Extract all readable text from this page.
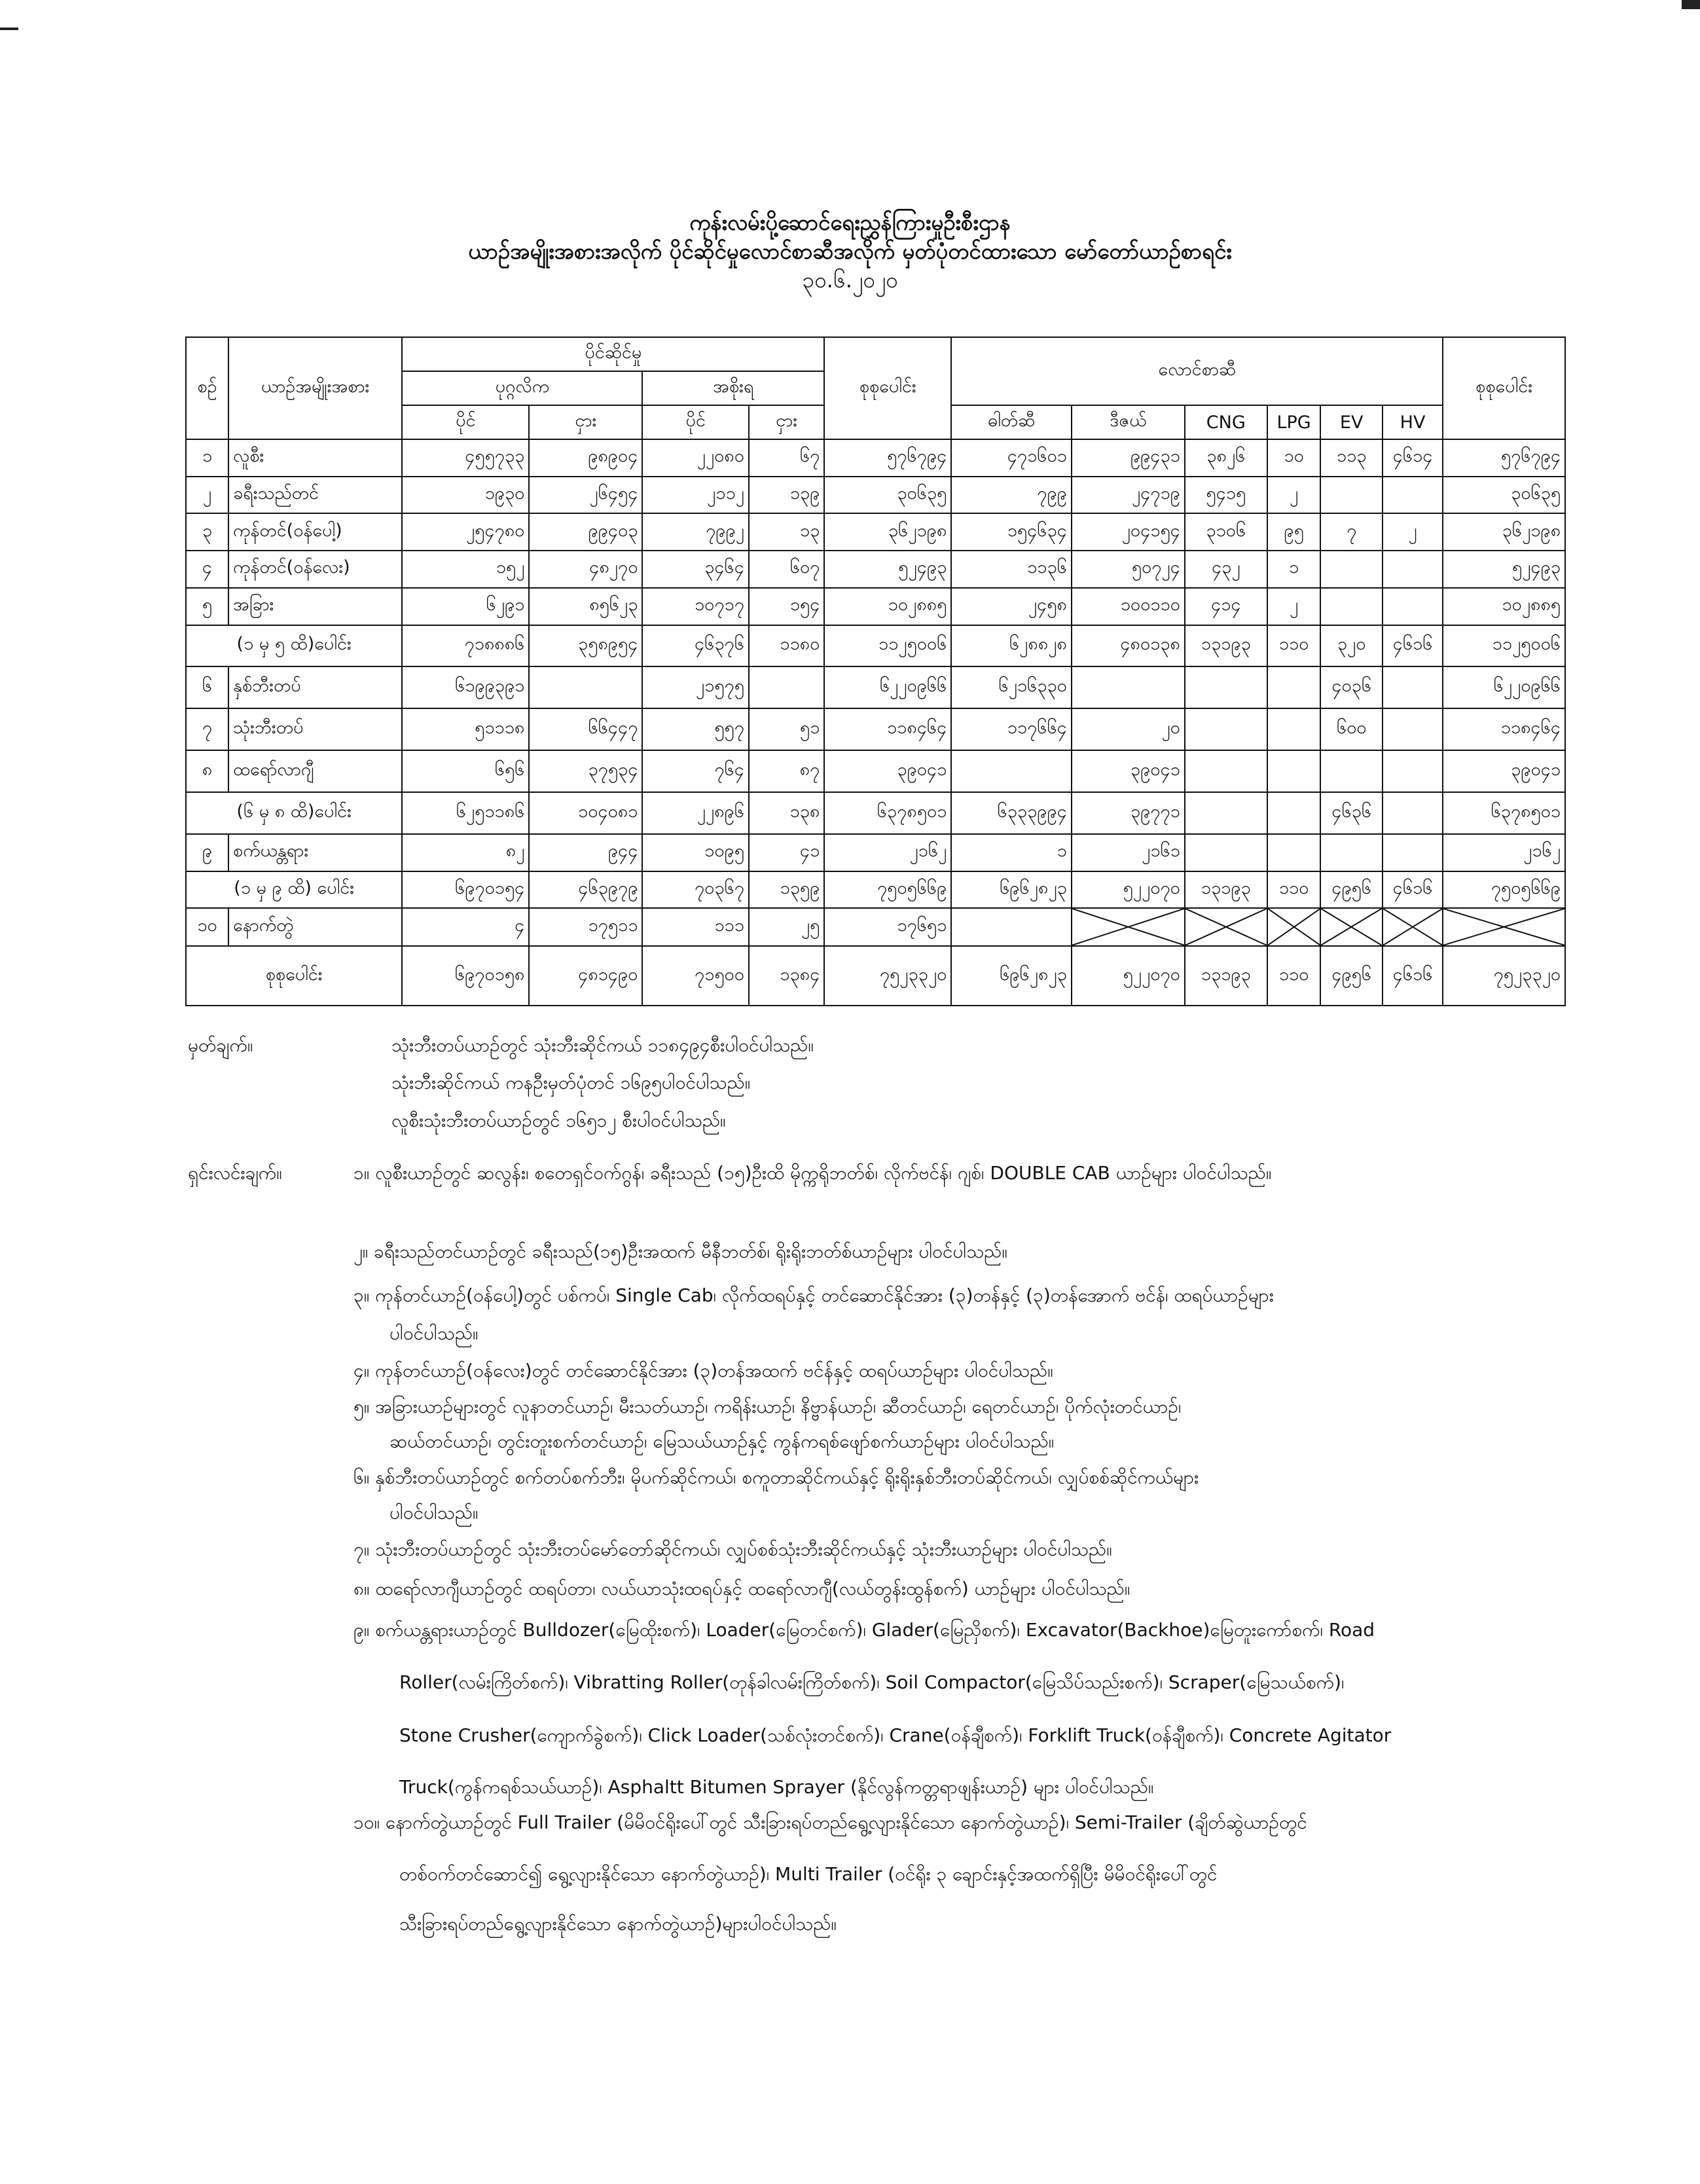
ကုန်းလမ်းပို့ဆောင်ရေးညွှန်ကြားမှုဦးစီးဌာန
ယာဉ်အမျိုးအစားအလိုက် ပိုင်ဆိုင်မှုလောင်စာဆီအလိုက် မှတ်ပုံတင်ထားသော မော်တော်ယာဉ်စာရင်း
၃၀.၆.၂၀၂၀
စဉ်	ယာဉ်အမျိုးအစား	ပိုင်ဆိုင်မှု				စုစုပေါင်း	လောင်စာဆီ						စုစုပေါင်း
		ပုဂ္ဂလိက		အစိုးရ									
		ပိုင်	ငှား	ပိုင်	ငှား		ဓါတ်ဆီ	ဒီဇယ်	CNG	LPG	EV	HV	
၁	လူစီး	၄၅၅၇၃၃	၉၈၉၀၄	၂၂၀၈၀	၆၇	၅၇၆၇၉၄	၄၇၁၆၀၁	၉၉၄၃၁	၃၈၂၆	၁၀	၁၁၃	၄၆၁၄	၅၇၆၇၉၄
၂	ခရီးသည်တင်	၁၉၃၀	၂၆၄၅၄	၂၁၁၂	၁၃၉	၃၀၆၃၅	၇၉၉	၂၄၇၁၉	၅၄၁၅	၂			၃၀၆၃၅
၃	ကုန်တင်(ဝန်ပေါ့)	၂၅၄၇၈၀	၉၉၄၀၃	၇၉၉၂	၁၃	၃၆၂၁၉၈	၁၅၄၆၃၄	၂၀၄၁၅၄	၃၁၀၆	၉၅	၇	၂	၃၆၂၁၉၈
၄	ကုန်တင်(ဝန်လေး)	၁၅၂	၄၈၂၇၀	၃၄၆၄	၆၀၇	၅၂၄၉၃	၁၁၃၆	၅၀၇၂၄	၄၃၂	၁			၅၂၄၉၃
၅	အခြား	၆၂၉၁	၈၅၆၂၃	၁၀၇၁၇	၁၅၄	၁၀၂၈၈၅	၂၄၅၈	၁၀၀၁၁၀	၄၁၄	၂			၁၀၂၈၈၅
(၁ မှ ၅ ထိ)ပေါင်း		၇၁၈၈၈၆	၃၅၈၉၅၄	၄၆၃၇၆	၁၁၈၀	၁၁၂၅၀၀၆	၆၂၈၈၂၈	၄၈၀၁၃၈	၁၃၁၉၃	၁၁၀	၃၂၀	၄၆၁၆	၁၁၂၅၀၀၆
၆	နှစ်ဘီးတပ်	၆၁၉၉၃၉၁		၂၁၅၇၅		၆၂၂၀၉၆၆	၆၂၁၆၃၃၀				၄၀၃၆		၆၂၂၀၉၆၆
၇	သုံးဘီးတပ်	၅၁၁၁၈	၆၆၄၄၇	၅၅၇	၅၁	၁၁၈၄၆၄	၁၁၇၆၆၄	၂၀			၆၀၀		၁၁၈၄၆၄
၈	ထရော်လာဂျီ	၆၅၆	၃၇၅၃၄	၇၆၄	၈၇	၃၉၀၄၁		၃၉၀၄၁					၃၉၀၄၁
(၆ မှ ၈ ထိ)ပေါင်း		၆၂၅၁၁၈၆	၁၀၄၀၈၁	၂၂၈၉၆	၁၃၈	၆၃၇၈၅၀၁	၆၃၃၃၉၉၄	၃၉၇၇၁			၄၆၃၆		၆၃၇၈၅၀၁
၉	စက်ယန္တရား	၈၂	၉၄၄	၁၀၉၅	၄၁	၂၁၆၂	၁	၂၁၆၁					၂၁၆၂
(၁ မှ ၉ ထိ) ပေါင်း		၆၉၇၀၁၅၄	၄၆၃၉၇၉	၇၀၃၆၇	၁၃၅၉	၇၅၀၅၆၆၉	၆၉၆၂၈၂၃	၅၂၂၀၇၀	၁၃၁၉၃	၁၁၀	၄၉၅၆	၄၆၁၆	၇၅၀၅၆၆၉
၁၀	နောက်တွဲ	၄	၁၇၅၁၁	၁၁၁	၂၅	၁၇၆၅၁		

စုစုပေါင်း		၆၉၇၀၁၅၈	၄၈၁၄၉၀	၇၁၅၀၀	၁၃၈၄	၇၅၂၃၃၂၀	၆၉၆၂၈၂၃	၅၂၂၀၇၀	၁၃၁၉၃	၁၁၀	၄၉၅၆	၄၆၁၆	၇၅၂၃၃၂၀
မှတ်ချက်။	သုံးဘီးတပ်ယာဉ်တွင် သုံးဘီးဆိုင်ကယ် ၁၁၈၄၉၄စီးပါဝင်ပါသည်။
သုံးဘီးဆိုင်ကယ် ကနဦးမှတ်ပုံတင် ၁၆၉၅ပါဝင်ပါသည်။
လူစီးသုံးဘီးတပ်ယာဉ်တွင် ၁၆၅၁၂ စီးပါဝင်ပါသည်။
ရှင်းလင်းချက်။	၁။ လူစီးယာဉ်တွင် ဆလွန်း၊ စတေရှင်ဝက်ဂွန်၊ ခရီးသည် (၁၅)ဦးထိ မိုက္ကရိုဘတ်စ်၊ လိုက်ဗင်န်၊ ဂျစ်၊ DOUBLE CAB ယာဉ်များ ပါဝင်ပါသည်။
၂။ ခရီးသည်တင်ယာဉ်တွင် ခရီးသည်(၁၅)ဦးအထက် မီနီဘတ်စ်၊ ရိုးရိုးဘတ်စ်ယာဉ်များ ပါဝင်ပါသည်။
၃။ ကုန်တင်ယာဉ်(ဝန်ပေါ့)တွင် ပစ်ကပ်၊ Single Cab၊ လိုက်ထရပ်နှင့် တင်ဆောင်နိုင်အား (၃)တန်နှင့် (၃)တန်အောက် ဗင်န်၊ ထရပ်ယာဉ်များ
ပါဝင်ပါသည်။
၄။ ကုန်တင်ယာဉ်(ဝန်လေး)တွင် တင်ဆောင်နိုင်အား (၃)တန်အထက် ဗင်န်နှင့် ထရပ်ယာဉ်များ ပါဝင်ပါသည်။
၅။ အခြားယာဉ်များတွင် လူနာတင်ယာဉ်၊ မီးသတ်ယာဉ်၊ ကရိန်းယာဉ်၊ နိဗ္ဗာန်ယာဉ်၊ ဆီတင်ယာဉ်၊ ရေတင်ယာဉ်၊ ပိုက်လုံးတင်ယာဉ်၊
ဆယ်တင်ယာဉ်၊ တွင်းတူးစက်တင်ယာဉ်၊ မြေသယ်ယာဉ်နှင့် ကွန်ကရစ်ဖျော်စက်ယာဉ်များ ပါဝင်ပါသည်။
၆။ နှစ်ဘီးတပ်ယာဉ်တွင် စက်တပ်စက်ဘီး၊ မိုပက်ဆိုင်ကယ်၊ စကူတာဆိုင်ကယ်နှင့် ရိုးရိုးနှစ်ဘီးတပ်ဆိုင်ကယ်၊ လျှပ်စစ်ဆိုင်ကယ်များ
ပါဝင်ပါသည်။
၇။ သုံးဘီးတပ်ယာဉ်တွင် သုံးဘီးတပ်မော်တော်ဆိုင်ကယ်၊ လျှပ်စစ်သုံးဘီးဆိုင်ကယ်နှင့် သုံးဘီးယာဉ်များ ပါဝင်ပါသည်။
၈။ ထရော်လာဂျီယာဉ်တွင် ထရပ်တာ၊ လယ်ယာသုံးထရပ်နှင့် ထရော်လာဂျီ(လယ်တွန်းထွန်စက်) ယာဉ်များ ပါဝင်ပါသည်။
၉။ စက်ယန္တရားယာဉ်တွင် Bulldozer(မြေထိုးစက်)၊ Loader(မြေတင်စက်)၊ Glader(မြေညှိစက်)၊ Excavator(Backhoe)မြေတူးကော်စက်၊ Road
Roller(လမ်းကြိတ်စက်)၊ Vibratting Roller(တုန်ခါလမ်းကြိတ်စက်)၊ Soil Compactor(မြေသိပ်သည်းစက်)၊ Scraper(မြေသယ်စက်)၊
Stone Crusher(ကျောက်ခွဲစက်)၊ Click Loader(သစ်လုံးတင်စက်)၊ Crane(ဝန်ချီစက်)၊ Forklift Truck(ဝန်ချီစက်)၊ Concrete Agitator
Truck(ကွန်ကရစ်သယ်ယာဉ်)၊ Asphaltt Bitumen Sprayer (နိုင်လွန်ကတ္တရာဖျန်းယာဉ်) များ ပါဝင်ပါသည်။
၁၀။ နောက်တွဲယာဉ်တွင် Full Trailer (မိမိဝင်ရိုးပေါ်တွင် သီးခြားရပ်တည်ရွေ့လျားနိုင်သော နောက်တွဲယာဉ်)၊ Semi-Trailer (ချိတ်ဆွဲယာဉ်တွင်
တစ်ဝက်တင်ဆောင်၍ ရွေ့လျားနိုင်သော နောက်တွဲယာဉ်)၊ Multi Trailer (ဝင်ရိုး ၃ ချောင်းနှင့်အထက်ရှိပြီး မိမိဝင်ရိုးပေါ်တွင်
သီးခြားရပ်တည်ရွေ့လျားနိုင်သော နောက်တွဲယာဉ်)များပါဝင်ပါသည်။
